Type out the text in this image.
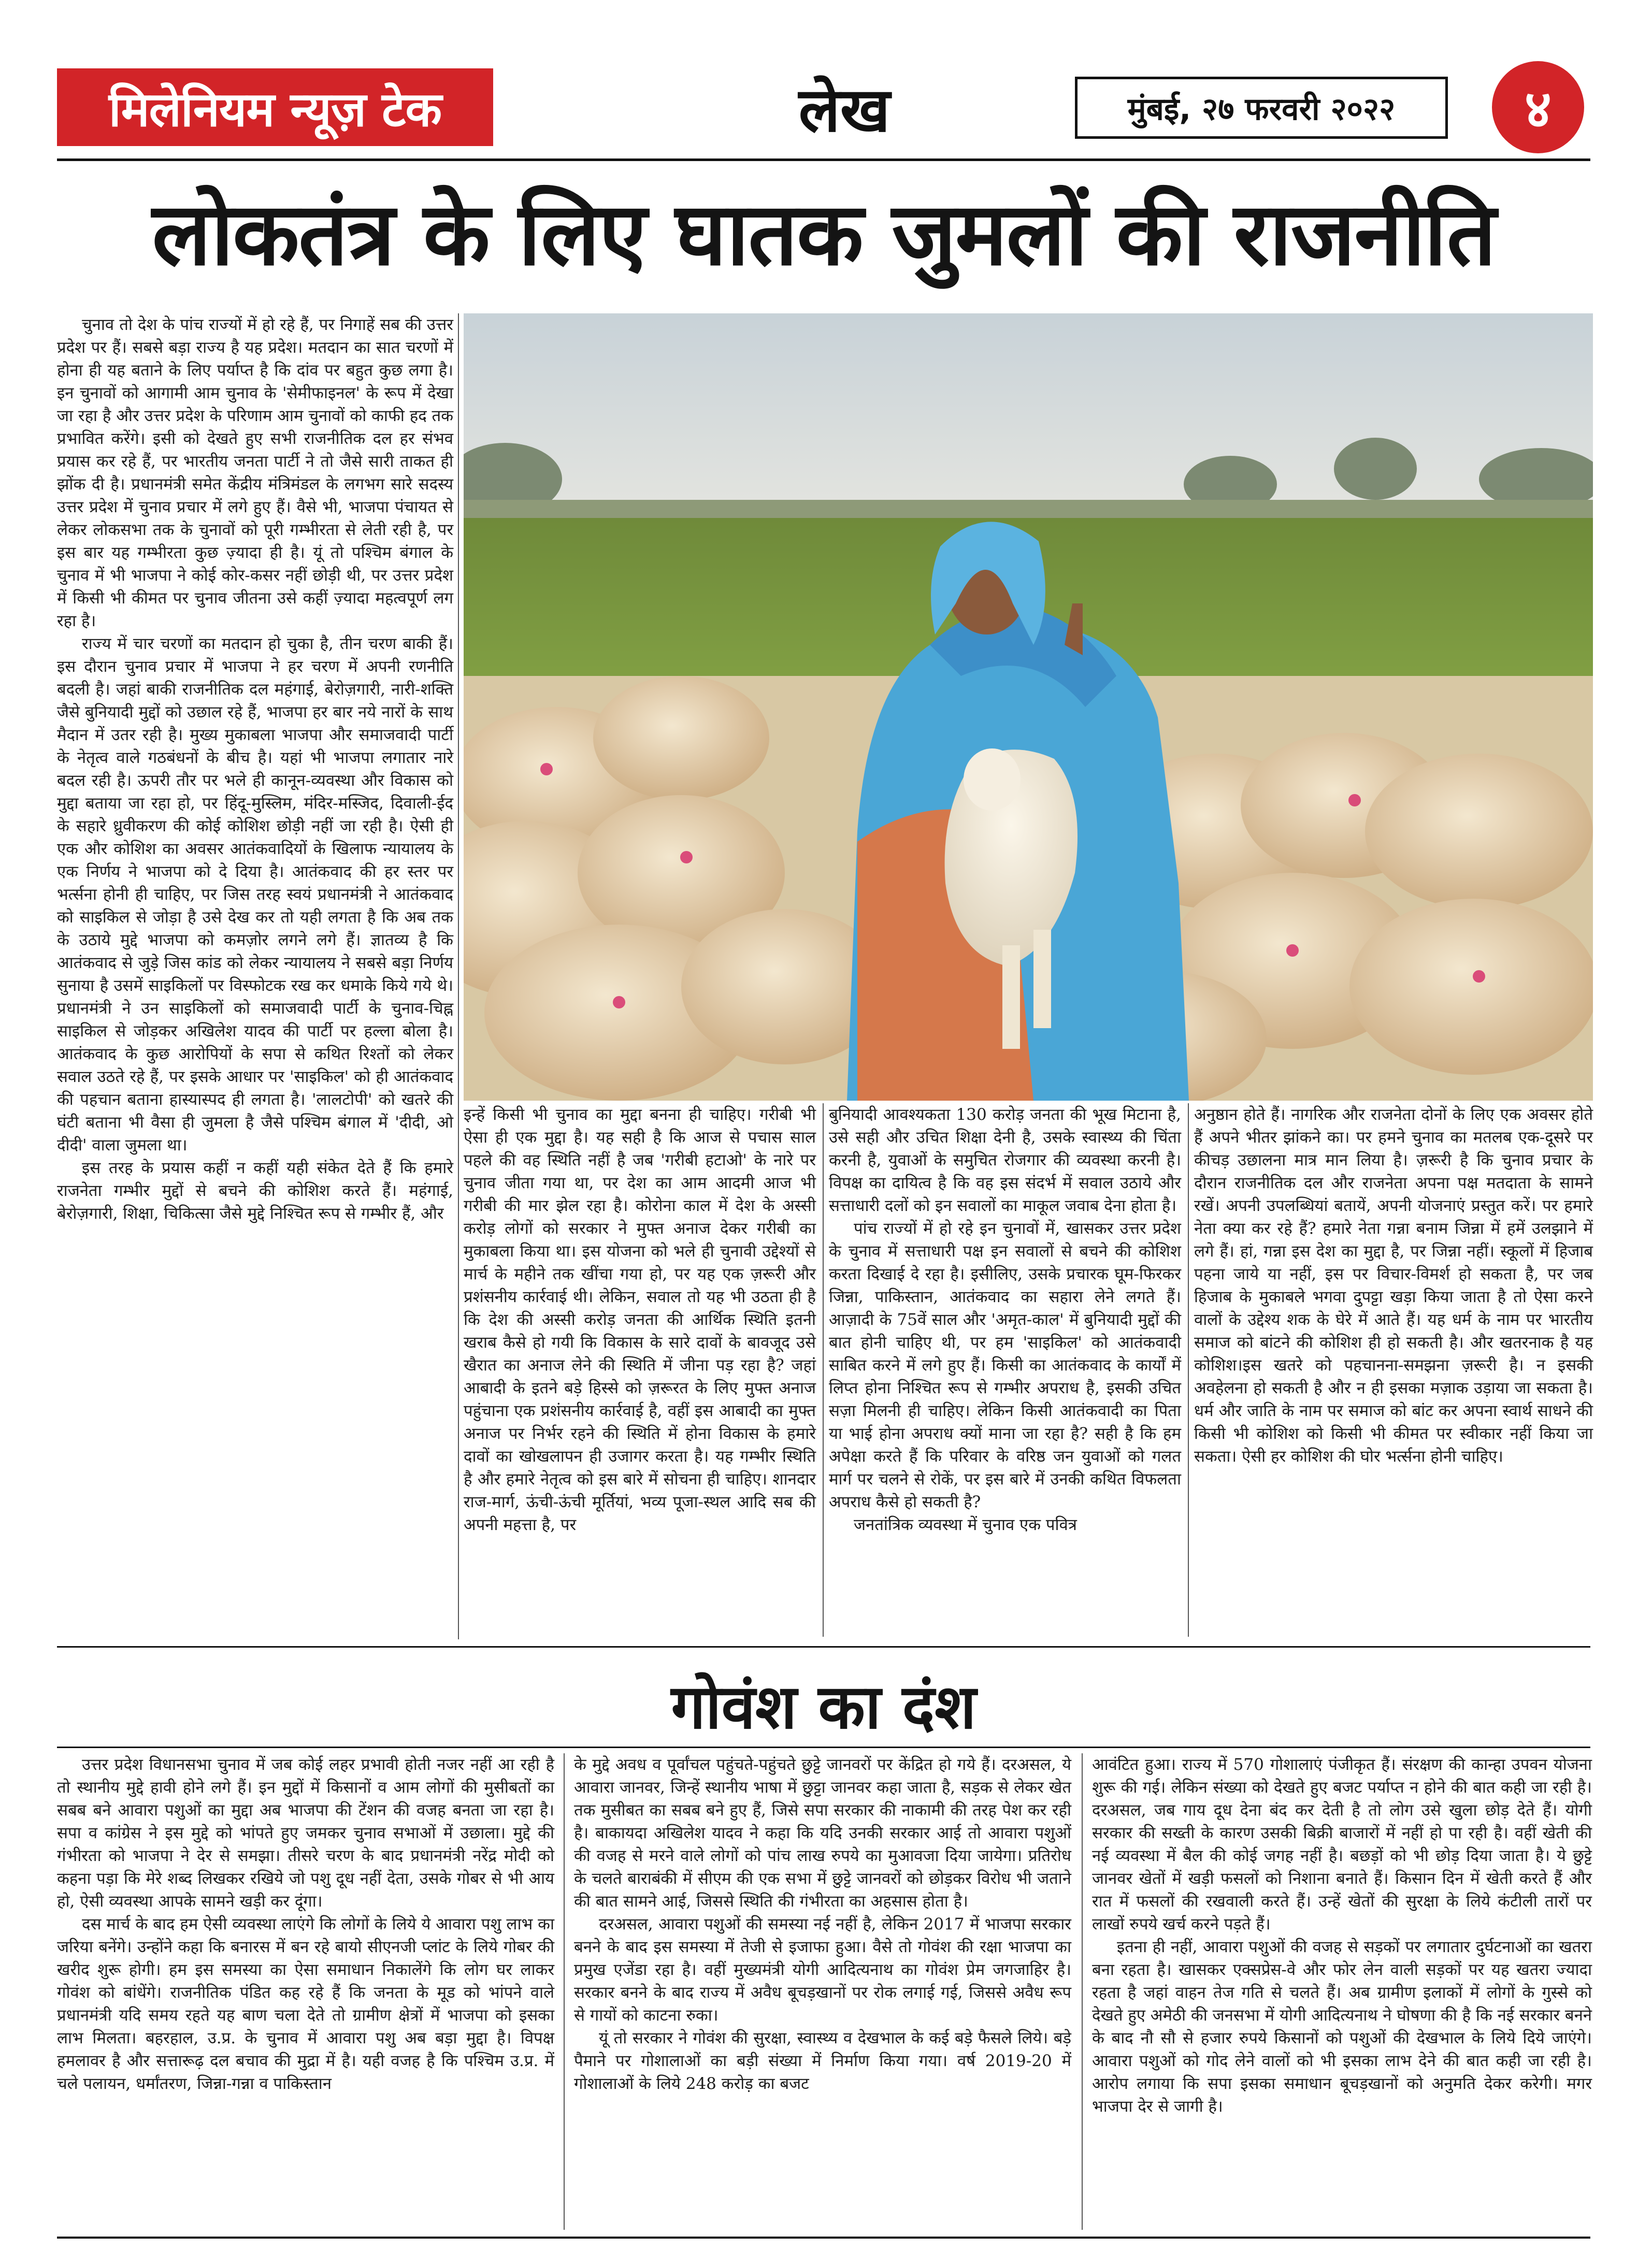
मिलेनियम न्यूज़ टेक	लेख	मुंबई, २७ फरवरी २०२२	४
लोकतंत्र के लिए घातक जुमलों की राजनीति

चुनाव तो देश के पांच राज्यों में हो रहे हैं, पर निगाहें सब की उत्तर प्रदेश पर हैं। सबसे बड़ा राज्य है यह प्रदेश। मतदान का सात चरणों में होना ही यह बताने के लिए पर्याप्त है कि दांव पर बहुत कुछ लगा है। इन चुनावों को आगामी आम चुनाव के 'सेमीफाइनल' के रूप में देखा जा रहा है और उत्तर प्रदेश के परिणाम आम चुनावों को काफी हद तक प्रभावित करेंगे। इसी को देखते हुए सभी राजनीतिक दल हर संभव प्रयास कर रहे हैं, पर भारतीय जनता पार्टी ने तो जैसे सारी ताकत ही झोंक दी है। प्रधानमंत्री समेत केंद्रीय मंत्रिमंडल के लगभग सारे सदस्य उत्तर प्रदेश में चुनाव प्रचार में लगे हुए हैं। वैसे भी, भाजपा पंचायत से लेकर लोकसभा तक के चुनावों को पूरी गम्भीरता से लेती रही है, पर इस बार यह गम्भीरता कुछ ज़्यादा ही है। यूं तो पश्चिम बंगाल के चुनाव में भी भाजपा ने कोई कोर-कसर नहीं छोड़ी थी, पर उत्तर प्रदेश में किसी भी कीमत पर चुनाव जीतना उसे कहीं ज़्यादा महत्वपूर्ण लग रहा है।

राज्य में चार चरणों का मतदान हो चुका है, तीन चरण बाकी हैं। इस दौरान चुनाव प्रचार में भाजपा ने हर चरण में अपनी रणनीति बदली है। जहां बाकी राजनीतिक दल महंगाई, बेरोज़गारी, नारी-शक्ति जैसे बुनियादी मुद्दों को उछाल रहे हैं, भाजपा हर बार नये नारों के साथ मैदान में उतर रही है। मुख्य मुकाबला भाजपा और समाजवादी पार्टी के नेतृत्व वाले गठबंधनों के बीच है। यहां भी भाजपा लगातार नारे बदल रही है। ऊपरी तौर पर भले ही कानून-व्यवस्था और विकास को मुद्दा बताया जा रहा हो, पर हिंदू-मुस्लिम, मंदिर-मस्जिद, दिवाली-ईद के सहारे ध्रुवीकरण की कोई कोशिश छोड़ी नहीं जा रही है। ऐसी ही एक और कोशिश का अवसर आतंकवादियों के खिलाफ न्यायालय के एक निर्णय ने भाजपा को दे दिया है। आतंकवाद की हर स्तर पर भर्त्सना होनी ही चाहिए, पर जिस तरह स्वयं प्रधानमंत्री ने आतंकवाद को साइकिल से जोड़ा है उसे देख कर तो यही लगता है कि अब तक के उठाये मुद्दे भाजपा को कमज़ोर लगने लगे हैं। ज्ञातव्य है कि आतंकवाद से जुड़े जिस कांड को लेकर न्यायालय ने सबसे बड़ा निर्णय सुनाया है उसमें साइकिलों पर विस्फोटक रख कर धमाके किये गये थे। प्रधानमंत्री ने उन साइकिलों को समाजवादी पार्टी के चुनाव-चिह्न साइकिल से जोड़कर अखिलेश यादव की पार्टी पर हल्ला बोला है। आतंकवाद के कुछ आरोपियों के सपा से कथित रिश्तों को लेकर सवाल उठते रहे हैं, पर इसके आधार पर 'साइकिल' को ही आतंकवाद की पहचान बताना हास्यास्पद ही लगता है। 'लालटोपी' को खतरे की घंटी बताना भी वैसा ही जुमला है जैसे पश्चिम बंगाल में 'दीदी, ओ दीदी' वाला जुमला था।

इस तरह के प्रयास कहीं न कहीं यही संकेत देते हैं कि हमारे राजनेता गम्भीर मुद्दों से बचने की कोशिश करते हैं। महंगाई, बेरोज़गारी, शिक्षा, चिकित्सा जैसे मुद्दे निश्चित रूप से गम्भीर हैं, और

इन्हें किसी भी चुनाव का मुद्दा बनना ही चाहिए। गरीबी भी ऐसा ही एक मुद्दा है। यह सही है कि आज से पचास साल पहले की वह स्थिति नहीं है जब 'गरीबी हटाओ' के नारे पर चुनाव जीता गया था, पर देश का आम आदमी आज भी गरीबी की मार झेल रहा है। कोरोना काल में देश के अस्सी करोड़ लोगों को सरकार ने मुफ्त अनाज देकर गरीबी का मुकाबला किया था। इस योजना को भले ही चुनावी उद्देश्यों से मार्च के महीने तक खींचा गया हो, पर यह एक ज़रूरी और प्रशंसनीय कार्रवाई थी। लेकिन, सवाल तो यह भी उठता ही है कि देश की अस्सी करोड़ जनता की आर्थिक स्थिति इतनी खराब कैसे हो गयी कि विकास के सारे दावों के बावजूद उसे खैरात का अनाज लेने की स्थिति में जीना पड़ रहा है? जहां आबादी के इतने बड़े हिस्से को ज़रूरत के लिए मुफ्त अनाज पहुंचाना एक प्रशंसनीय कार्रवाई है, वहीं इस आबादी का मुफ्त अनाज पर निर्भर रहने की स्थिति में होना विकास के हमारे दावों का खोखलापन ही उजागर करता है। यह गम्भीर स्थिति है और हमारे नेतृत्व को इस बारे में सोचना ही चाहिए। शानदार राज-मार्ग, ऊंची-ऊंची मूर्तियां, भव्य पूजा-स्थल आदि सब की अपनी महत्ता है, पर

बुनियादी आवश्यकता 130 करोड़ जनता की भूख मिटाना है, उसे सही और उचित शिक्षा देनी है, उसके स्वास्थ्य की चिंता करनी है, युवाओं के समुचित रोजगार की व्यवस्था करनी है। विपक्ष का दायित्व है कि वह इस संदर्भ में सवाल उठाये और सत्ताधारी दलों को इन सवालों का माकूल जवाब देना होता है।

पांच राज्यों में हो रहे इन चुनावों में, खासकर उत्तर प्रदेश के चुनाव में सत्ताधारी पक्ष इन सवालों से बचने की कोशिश करता दिखाई दे रहा है। इसीलिए, उसके प्रचारक घूम-फिरकर जिन्ना, पाकिस्तान, आतंकवाद का सहारा लेने लगते हैं। आज़ादी के 75वें साल और 'अमृत-काल' में बुनियादी मुद्दों की बात होनी चाहिए थी, पर हम 'साइकिल' को आतंकवादी साबित करने में लगे हुए हैं। किसी का आतंकवाद के कार्यों में लिप्त होना निश्चित रूप से गम्भीर अपराध है, इसकी उचित सज़ा मिलनी ही चाहिए। लेकिन किसी आतंकवादी का पिता या भाई होना अपराध क्यों माना जा रहा है? सही है कि हम अपेक्षा करते हैं कि परिवार के वरिष्ठ जन युवाओं को गलत मार्ग पर चलने से रोकें, पर इस बारे में उनकी कथित विफलता अपराध कैसे हो सकती है?

जनतांत्रिक व्यवस्था में चुनाव एक पवित्र

अनुष्ठान होते हैं। नागरिक और राजनेता दोनों के लिए एक अवसर होते हैं अपने भीतर झांकने का। पर हमने चुनाव का मतलब एक-दूसरे पर कीचड़ उछालना मात्र मान लिया है। ज़रूरी है कि चुनाव प्रचार के दौरान राजनीतिक दल और राजनेता अपना पक्ष मतदाता के सामने रखें। अपनी उपलब्धियां बतायें, अपनी योजनाएं प्रस्तुत करें। पर हमारे नेता क्या कर रहे हैं? हमारे नेता गन्ना बनाम जिन्ना में हमें उलझाने में लगे हैं। हां, गन्ना इस देश का मुद्दा है, पर जिन्ना नहीं। स्कूलों में हिजाब पहना जाये या नहीं, इस पर विचार-विमर्श हो सकता है, पर जब हिजाब के मुकाबले भगवा दुपट्टा खड़ा किया जाता है तो ऐसा करने वालों के उद्देश्य शक के घेरे में आते हैं। यह धर्म के नाम पर भारतीय समाज को बांटने की कोशिश ही हो सकती है। और खतरनाक है यह कोशिश।इस खतरे को पहचानना-समझना ज़रूरी है। न इसकी अवहेलना हो सकती है और न ही इसका मज़ाक उड़ाया जा सकता है। धर्म और जाति के नाम पर समाज को बांट कर अपना स्वार्थ साधने की किसी भी कोशिश को किसी भी कीमत पर स्वीकार नहीं किया जा सकता। ऐसी हर कोशिश की घोर भर्त्सना होनी चाहिए।

गोवंश का दंश

उत्तर प्रदेश विधानसभा चुनाव में जब कोई लहर प्रभावी होती नजर नहीं आ रही है तो स्थानीय मुद्दे हावी होने लगे हैं। इन मुद्दों में किसानों व आम लोगों की मुसीबतों का सबब बने आवारा पशुओं का मुद्दा अब भाजपा की टेंशन की वजह बनता जा रहा है। सपा व कांग्रेस ने इस मुद्दे को भांपते हुए जमकर चुनाव सभाओं में उछाला। मुद्दे की गंभीरता को भाजपा ने देर से समझा। तीसरे चरण के बाद प्रधानमंत्री नरेंद्र मोदी को कहना पड़ा कि मेरे शब्द लिखकर रखिये जो पशु दूध नहीं देता, उसके गोबर से भी आय हो, ऐसी व्यवस्था आपके सामने खड़ी कर दूंगा।

दस मार्च के बाद हम ऐसी व्यवस्था लाएंगे कि लोगों के लिये ये आवारा पशु लाभ का जरिया बनेंगे। उन्होंने कहा कि बनारस में बन रहे बायो सीएनजी प्लांट के लिये गोबर की खरीद शुरू होगी। हम इस समस्या का ऐसा समाधान निकालेंगे कि लोग घर लाकर गोवंश को बांधेंगे। राजनीतिक पंडित कह रहे हैं कि जनता के मूड को भांपने वाले प्रधानमंत्री यदि समय रहते यह बाण चला देते तो ग्रामीण क्षेत्रों में भाजपा को इसका लाभ मिलता। बहरहाल, उ.प्र. के चुनाव में आवारा पशु अब बड़ा मुद्दा है। विपक्ष हमलावर है और सत्तारूढ़ दल बचाव की मुद्रा में है। यही वजह है कि पश्चिम उ.प्र. में चले पलायन, धर्मांतरण, जिन्ना-गन्ना व पाकिस्तान

के मुद्दे अवध व पूर्वांचल पहुंचते-पहुंचते छुट्टे जानवरों पर केंद्रित हो गये हैं। दरअसल, ये आवारा जानवर, जिन्हें स्थानीय भाषा में छुट्टा जानवर कहा जाता है, सड़क से लेकर खेत तक मुसीबत का सबब बने हुए हैं, जिसे सपा सरकार की नाकामी की तरह पेश कर रही है। बाकायदा अखिलेश यादव ने कहा कि यदि उनकी सरकार आई तो आवारा पशुओं की वजह से मरने वाले लोगों को पांच लाख रुपये का मुआवजा दिया जायेगा। प्रतिरोध के चलते बाराबंकी में सीएम की एक सभा में छुट्टे जानवरों को छोड़कर विरोध भी जताने की बात सामने आई, जिससे स्थिति की गंभीरता का अहसास होता है।

दरअसल, आवारा पशुओं की समस्या नई नहीं है, लेकिन 2017 में भाजपा सरकार बनने के बाद इस समस्या में तेजी से इजाफा हुआ। वैसे तो गोवंश की रक्षा भाजपा का प्रमुख एजेंडा रहा है। वहीं मुख्यमंत्री योगी आदित्यनाथ का गोवंश प्रेम जगजाहिर है। सरकार बनने के बाद राज्य में अवैध बूचड़खानों पर रोक लगाई गई, जिससे अवैध रूप से गायों को काटना रुका।

यूं तो सरकार ने गोवंश की सुरक्षा, स्वास्थ्य व देखभाल के कई बड़े फैसले लिये। बड़े पैमाने पर गोशालाओं का बड़ी संख्या में निर्माण किया गया। वर्ष 2019-20 में गोशालाओं के लिये 248 करोड़ का बजट

आवंटित हुआ। राज्य में 570 गोशालाएं पंजीकृत हैं। संरक्षण की कान्हा उपवन योजना शुरू की गई। लेकिन संख्या को देखते हुए बजट पर्याप्त न होने की बात कही जा रही है। दरअसल, जब गाय दूध देना बंद कर देती है तो लोग उसे खुला छोड़ देते हैं। योगी सरकार की सख्ती के कारण उसकी बिक्री बाजारों में नहीं हो पा रही है। वहीं खेती की नई व्यवस्था में बैल की कोई जगह नहीं है। बछड़ों को भी छोड़ दिया जाता है। ये छुट्टे जानवर खेतों में खड़ी फसलों को निशाना बनाते हैं। किसान दिन में खेती करते हैं और रात में फसलों की रखवाली करते हैं। उन्हें खेतों की सुरक्षा के लिये कंटीली तारों पर लाखों रुपये खर्च करने पड़ते हैं।

इतना ही नहीं, आवारा पशुओं की वजह से सड़कों पर लगातार दुर्घटनाओं का खतरा बना रहता है। खासकर एक्सप्रेस-वे और फोर लेन वाली सड़कों पर यह खतरा ज्यादा रहता है जहां वाहन तेज गति से चलते हैं। अब ग्रामीण इलाकों में लोगों के गुस्से को देखते हुए अमेठी की जनसभा में योगी आदित्यनाथ ने घोषणा की है कि नई सरकार बनने के बाद नौ सौ से हजार रुपये किसानों को पशुओं की देखभाल के लिये दिये जाएंगे। आवारा पशुओं को गोद लेने वालों को भी इसका लाभ देने की बात कही जा रही है। आरोप लगाया कि सपा इसका समाधान बूचड़खानों को अनुमति देकर करेगी। मगर भाजपा देर से जागी है।
